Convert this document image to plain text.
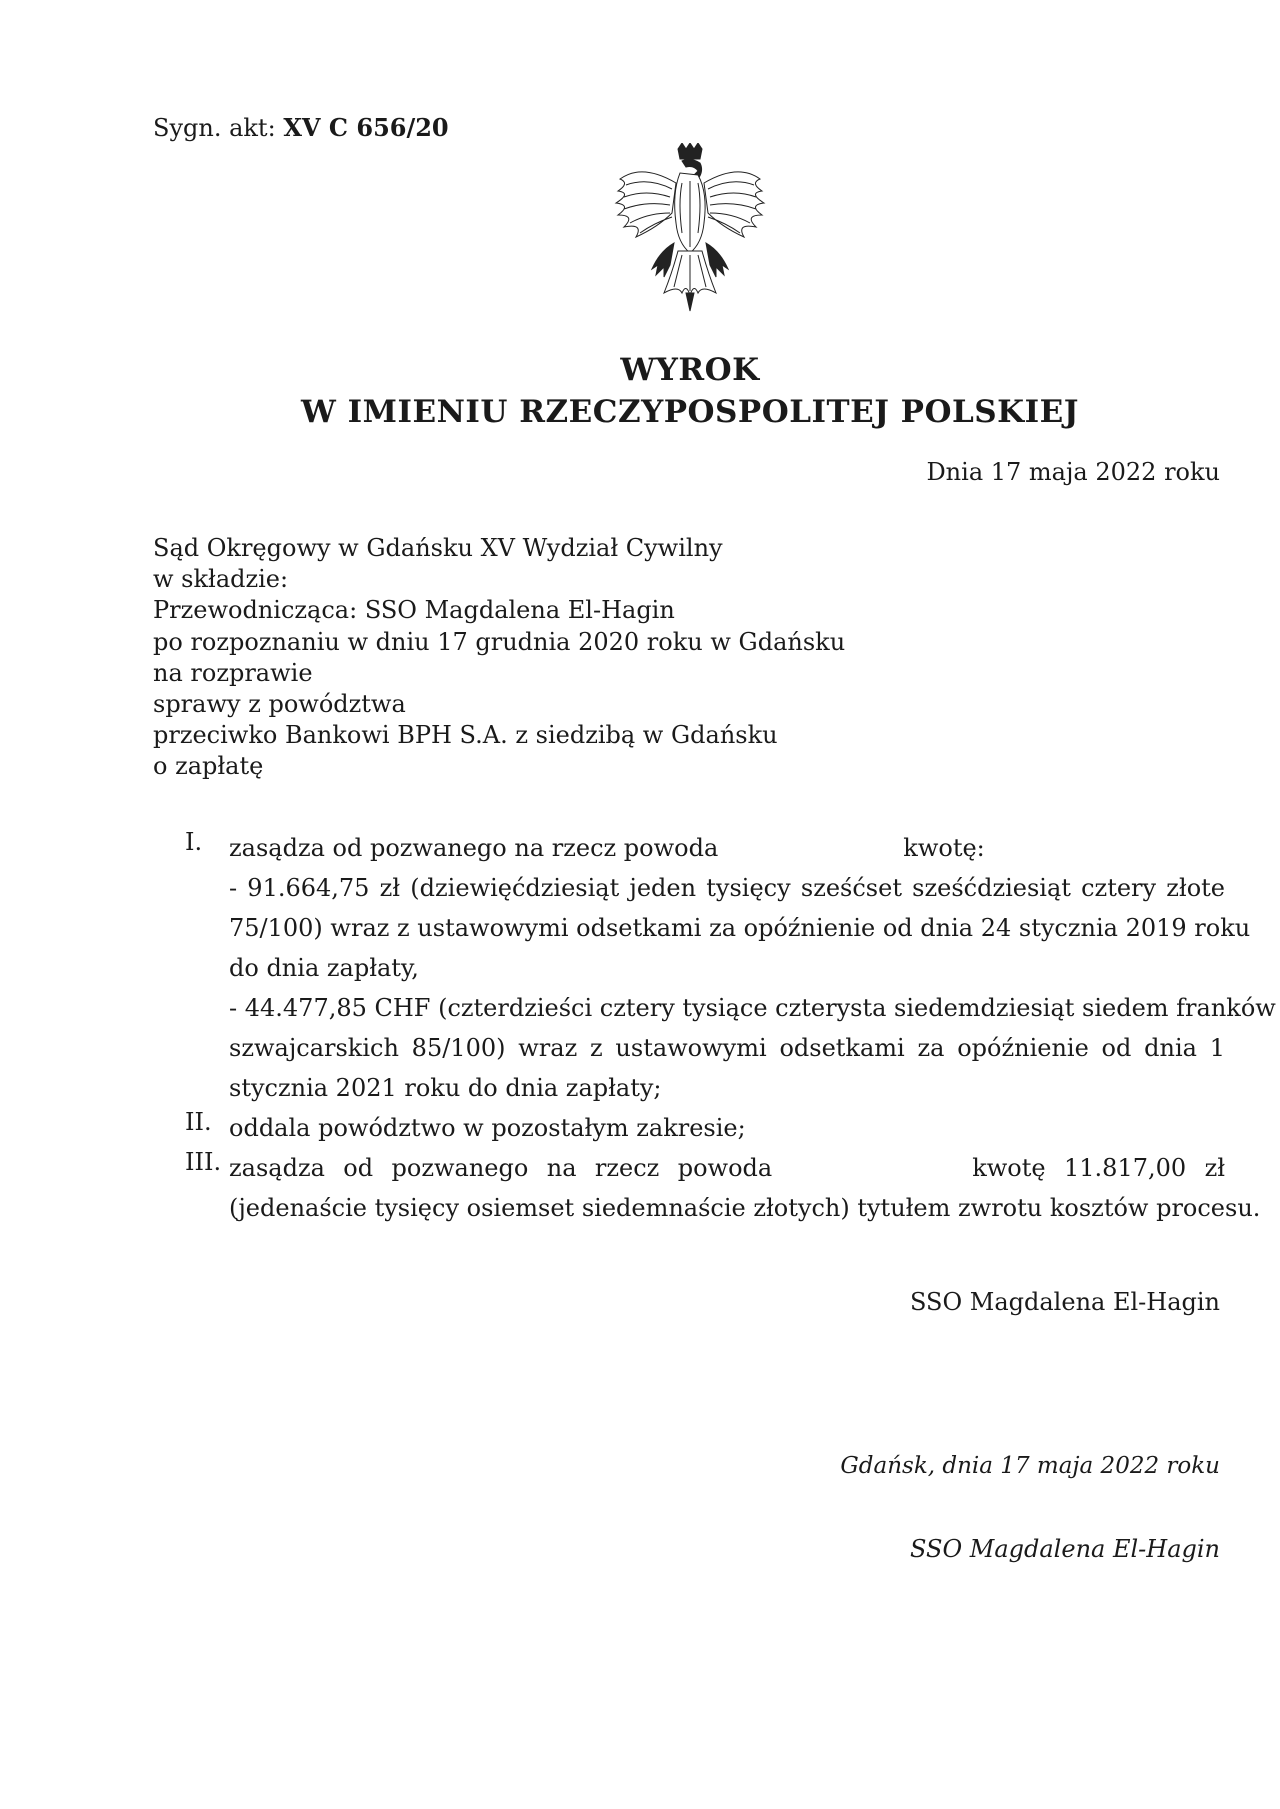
Sygn. akt: XV C 656/20
WYROK
W IMIENIU RZECZYPOSPOLITEJ POLSKIEJ
Dnia 17 maja 2022 roku
Sąd Okręgowy w Gdańsku XV Wydział Cywilny
w składzie:
Przewodnicząca: SSO Magdalena El-Hagin
po rozpoznaniu w dniu 17 grudnia 2020 roku w Gdańsku
na rozprawie
sprawy z powództwa
przeciwko Bankowi BPH S.A. z siedzibą w Gdańsku
o zapłatę
I.	zasądza od pozwanego na rzecz powoda	kwotę:
- 91.664,75 zł (dziewięćdziesiąt jeden tysięcy sześćset sześćdziesiąt cztery złote
75/100) wraz z ustawowymi odsetkami za opóźnienie od dnia 24 stycznia 2019 roku
do dnia zapłaty,
- 44.477,85 CHF (czterdzieści cztery tysiące czterysta siedemdziesiąt siedem franków
szwajcarskich 85/100) wraz z ustawowymi odsetkami za opóźnienie od dnia 1
stycznia 2021 roku do dnia zapłaty;
II. oddala powództwo w pozostałym zakresie;
III. zasądza od pozwanego na rzecz powoda	kwotę 11.817,00 zł
(jedenaście tysięcy osiemset siedemnaście złotych) tytułem zwrotu kosztów procesu.
SSO Magdalena El-Hagin
Gdańsk, dnia 17 maja 2022 roku
SSO Magdalena El-Hagin
